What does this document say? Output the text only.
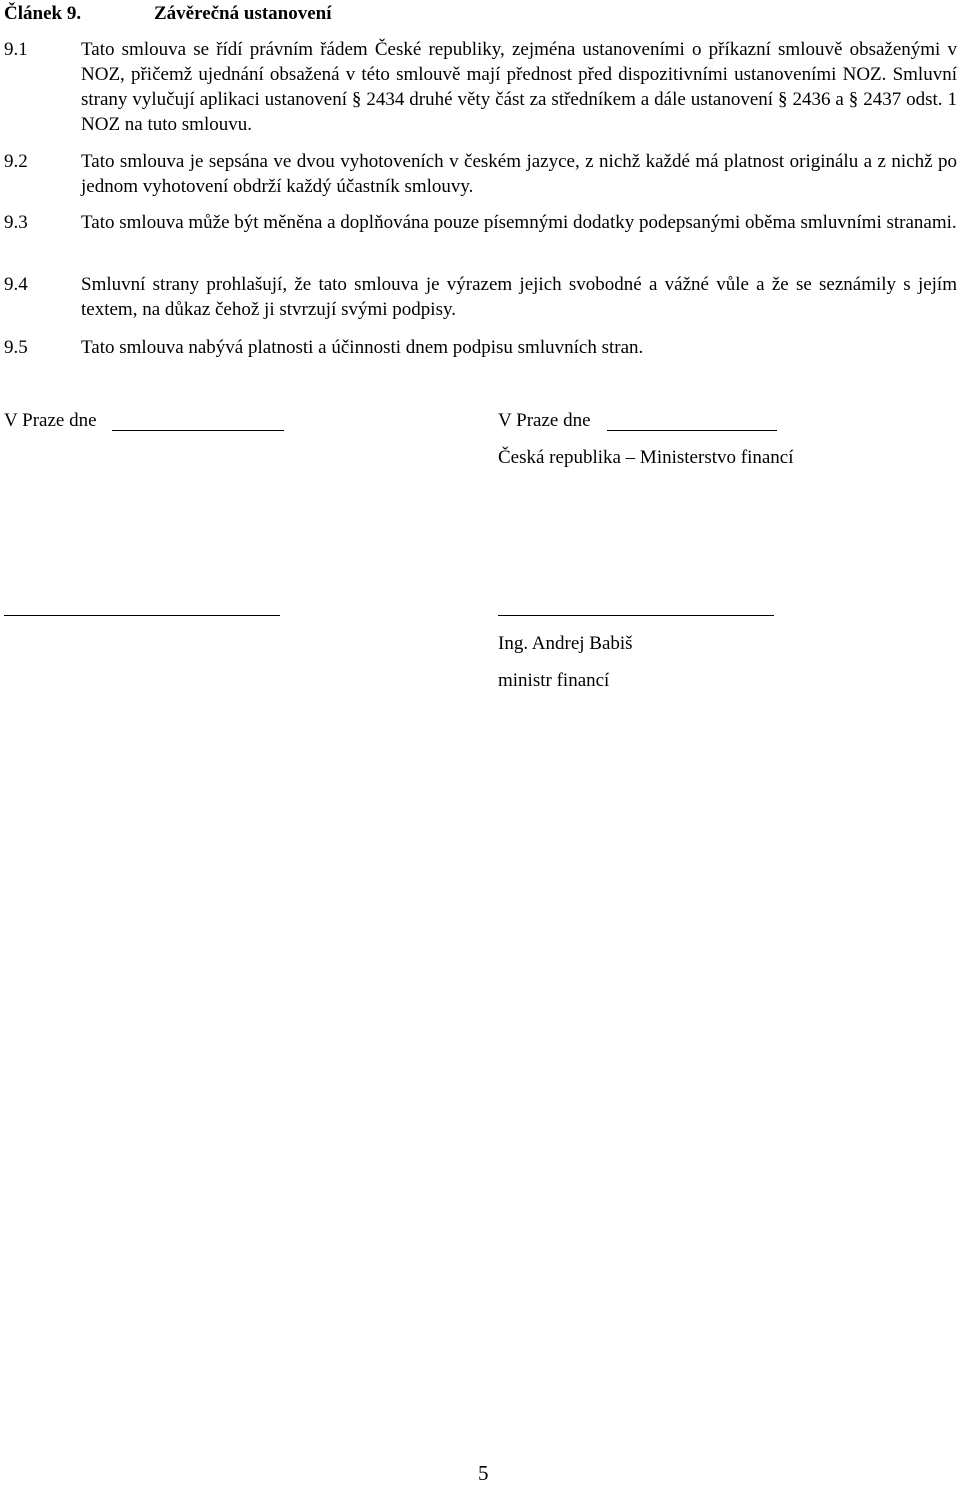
Článek 9.	Závěrečná ustanovení
9.1	Tato smlouva se řídí právním řádem České republiky, zejména ustanoveními o příkazní smlouvě obsaženými v NOZ, přičemž ujednání obsažená v této smlouvě mají přednost před dispozitivními ustanoveními NOZ. Smluvní strany vylučují aplikaci ustanovení § 2434 druhé věty část za středníkem a dále ustanovení § 2436 a § 2437 odst. 1 NOZ na tuto smlouvu.
9.2	Tato smlouva je sepsána ve dvou vyhotoveních v českém jazyce, z nichž každé má platnost originálu a z nichž po jednom vyhotovení obdrží každý účastník smlouvy.
9.3	Tato smlouva může být měněna a doplňována pouze písemnými dodatky podepsanými oběma smluvními stranami.
9.4	Smluvní strany prohlašují, že tato smlouva je výrazem jejich svobodné a vážné vůle a že se seznámily s jejím textem, na důkaz čehož ji stvrzují svými podpisy.
9.5	Tato smlouva nabývá platnosti a účinnosti dnem podpisu smluvních stran.
V Praze dne	V Praze dne
Česká republika – Ministerstvo financí
Ing. Andrej Babiš
ministr financí
5
